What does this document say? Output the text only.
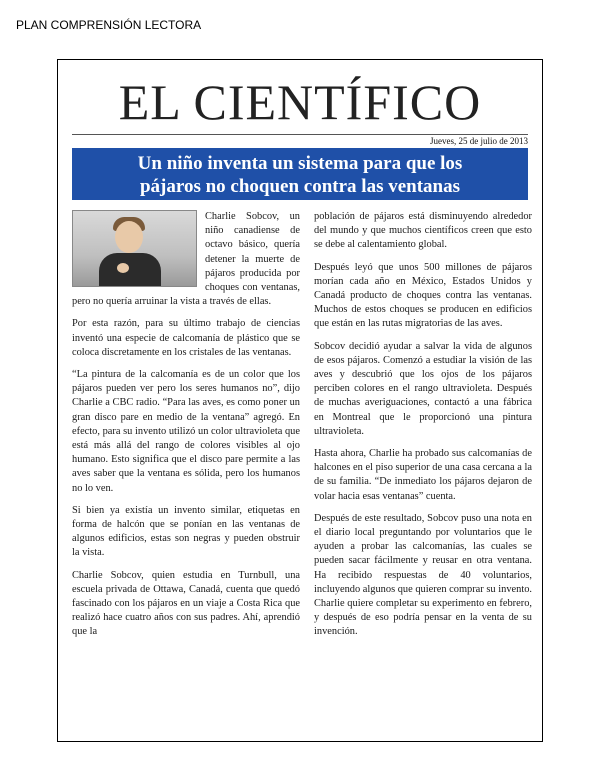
PLAN COMPRENSIÓN LECTORA
EL CIENTÍFICO
Jueves, 25 de julio de 2013
Un niño inventa un sistema para que los
pájaros no choquen contra las ventanas

Charlie Sobcov, un niño canadiense de octavo básico, quería detener la muerte de pájaros producida por choques con ventanas, pero no quería arruinar la vista a través de ellas.

Por esta razón, para su último trabajo de ciencias inventó una especie de calcomanía de plástico que se coloca discretamente en los cristales de las ventanas.

“La pintura de la calcomanía es de un color que los pájaros pueden ver pero los seres humanos no”, dijo Charlie a CBC radio. “Para las aves, es como poner un gran disco pare en medio de la ventana” agregó. En efecto, para su invento utilizó un color ultravioleta que está más allá del rango de colores visibles al ojo humano. Esto significa que el disco pare permite a las aves saber que la ventana es sólida, pero los humanos no lo ven.

Si bien ya existía un invento similar, etiquetas en forma de halcón que se ponían en las ventanas de algunos edificios, estas son negras y pueden obstruir la vista.

Charlie Sobcov, quien estudia en Turnbull, una escuela privada de Ottawa, Canadá, cuenta que quedó fascinado con los pájaros en un viaje a Costa Rica que realizó hace cuatro años con sus padres. Ahí, aprendió que la

población de pájaros está disminuyendo alrededor del mundo y que muchos científicos creen que esto se debe al calentamiento global.

Después leyó que unos 500 millones de pájaros morían cada año en México, Estados Unidos y Canadá producto de choques contra las ventanas. Muchos de estos choques se producen en edificios que están en las rutas migratorias de las aves.

Sobcov decidió ayudar a salvar la vida de algunos de esos pájaros. Comenzó a estudiar la visión de las aves y descubrió que los ojos de los pájaros perciben colores en el rango ultravioleta. Después de muchas averiguaciones, contactó a una fábrica en Montreal que le proporcionó una pintura ultravioleta.

Hasta ahora, Charlie ha probado sus calcomanías de halcones en el piso superior de una casa cercana a la de su familia. “De inmediato los pájaros dejaron de volar hacia esas ventanas” cuenta.

Después de este resultado, Sobcov puso una nota en el diario local preguntando por voluntarios que le ayuden a probar las calcomanías, las cuales se pueden sacar fácilmente y reusar en otra ventana. Ha recibido respuestas de 40 voluntarios, incluyendo algunos que quieren comprar su invento. Charlie quiere completar su experimento en febrero, y después de eso podría pensar en la venta de su invención.
